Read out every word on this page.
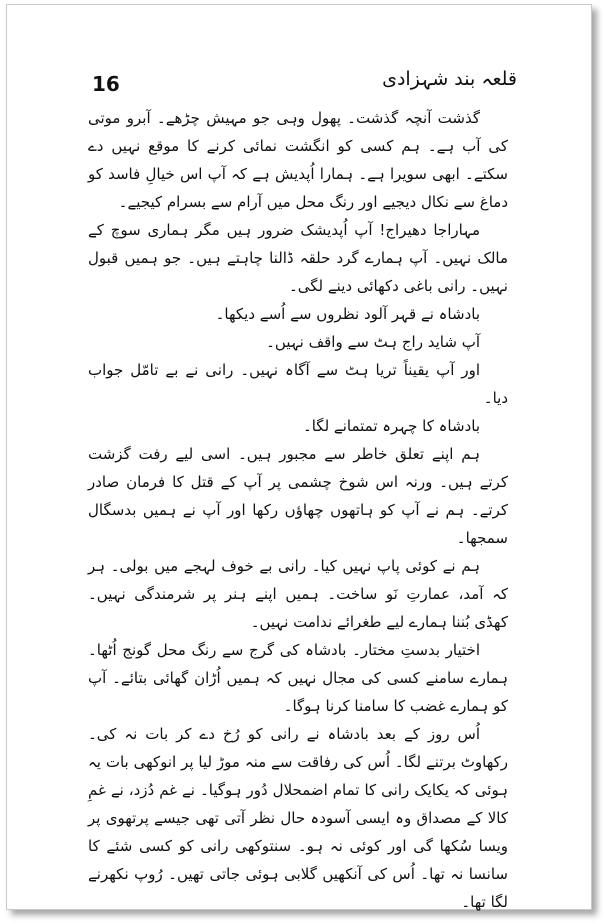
16	قلعہ بند شہزادی

گذشت آنچہ گذشت۔ پھول وہی جو مہیش چڑھے۔ آبرو موتی کی آب ہے۔ ہم کسی کو انگشت نمائی کرنے کا موقع نہیں دے سکتے۔ ابھی سویرا ہے۔ ہمارا اُپدیش ہے کہ آپ اس خیالِ فاسد کو دماغ سے نکال دیجیے اور رنگ محل میں آرام سے بسرام کیجیے۔

مہاراجا دھیراج! آپ اُپدیشک ضرور ہیں مگر ہماری سوچ کے مالک نہیں۔ آپ ہمارے گرد حلقہ ڈالنا چاہتے ہیں۔ جو ہمیں قبول نہیں۔ رانی باغی دکھائی دینے لگی۔

بادشاہ نے قہر آلود نظروں سے اُسے دیکھا۔

آپ شاید راج ہٹ سے واقف نہیں۔

اور آپ یقیناً تریا ہٹ سے آگاہ نہیں۔ رانی نے بے تامّل جواب دیا۔

بادشاہ کا چہرہ تمتمانے لگا۔

ہم اپنے تعلق خاطر سے مجبور ہیں۔ اسی لیے رفت گزشت کرتے ہیں۔ ورنہ اس شوخ چشمی پر آپ کے قتل کا فرمان صادر کرتے۔ ہم نے آپ کو ہاتھوں چھاؤں رکھا اور آپ نے ہمیں بدسگال سمجھا۔

ہم نے کوئی پاپ نہیں کیا۔ رانی بے خوف لہجے میں بولی۔ ہر کہ آمد، عمارتِ نَو ساخت۔ ہمیں اپنے ہنر پر شرمندگی نہیں۔ کھڈی بُننا ہمارے لیے طغرائے ندامت نہیں۔

اختیار بدستِ مختار۔ بادشاہ کی گرج سے رنگ محل گونج اُٹھا۔ ہمارے سامنے کسی کی مجال نہیں کہ ہمیں اُڑان گھائی بتائے۔ آپ کو ہمارے غضب کا سامنا کرنا ہوگا۔

اُس روز کے بعد بادشاہ نے رانی کو رُخ دے کر بات نہ کی۔ رکھاوٹ برتنے لگا۔ اُس کی رفاقت سے منہ موڑ لیا پر انوکھی بات یہ ہوئی کہ یکایک رانی کا تمام اضمحلال دُور ہوگیا۔ نے غم دُزد، نے غمِ کالا کے مصداق وہ ایسی آسودہ حال نظر آتی تھی جیسے پرتھوی پر ویسا سُکھا گی اور کوئی نہ ہو۔ سنتوکھی رانی کو کسی شئے کا سانسا نہ تھا۔ اُس کی آنکھیں گلابی ہوئی جاتی تھیں۔ رُوپ نکھرنے لگا تھا۔
